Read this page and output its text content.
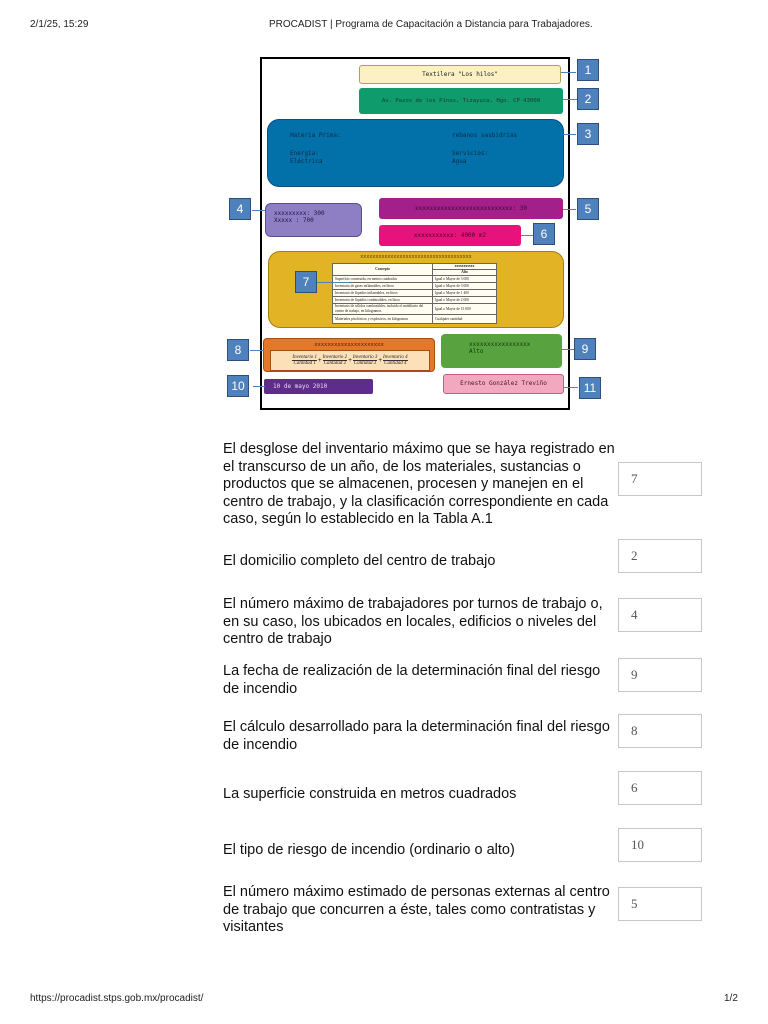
2/1/25, 15:29	PROCADIST | Programa de Capacitación a Distancia para Trabajadores.
Textilera "Los hilos"
Av. Pazos de los Pinos, Tizayuca, Hgo. CP 43000
Materia Prima:	rebanos sasbidrias
Energía:
Eléctrica
Servicios:
Agua
xxxxxxxxx: 300
Xxxxx : 700
xxxxxxxxxxxxxxxxxxxxxxxxxxx: 30
xxxxxxxxxxx: 4000 m2
xxxxxxxxxxxxxxxxxxxxxxxxxxxxxxxxxxxxx
Concepto	xxxxxxxxxxx
	Alto
Superficie construida, en metros cuadrados	Igual o Mayor de 3 000
Inventario de gases inflamables, en litros	Igual o Mayor de 3 000
Inventario de líquidos inflamables, en litros	Igual o Mayor de 1 400
Inventario de líquidos combustibles, en litros	Igual o Mayor de 2 000
Inventario de sólidos combustibles, incluido el mobiliario del centro de trabajo, en kilogramos	Igual o Mayor de 15 000
Materiales pirofóricos y explosivos, en kilogramos	Cualquier cantidad
xxxxxxxxxxxxxxxxxxxxx
$\frac{\text{Inventario 1}}{\text{Cantidad 1}} + \frac{\text{Inventario 2}}{\text{Cantidad 2}} + \frac{\text{Inventario 3}}{\text{Cantidad 3}} + \frac{\text{Inventario 4}}{\text{Cantidad 4}}$
xxxxxxxxxxxxxxxxx
Alto
10 de mayo 2010	Ernesto González Treviño
1
2
3
4	5
6
7
8	9
10	11
El desglose del inventario máximo que se haya registrado en el transcurso de un año, de los materiales, sustancias o productos que se almacenen, procesen y manejen en el centro de trabajo, y la clasificación correspondiente en cada caso, según lo establecido en la Tabla A.1
7
El domicilio completo del centro de trabajo	2
El número máximo de trabajadores por turnos de trabajo o, en su caso, los ubicados en locales, edificios o niveles del centro de trabajo
4
La fecha de realización de la determinación final del riesgo de incendio
9
El cálculo desarrollado para la determinación final del riesgo de incendio
8
La superficie construida en metros cuadrados	6
El tipo de riesgo de incendio (ordinario o alto)	10
El número máximo estimado de personas externas al centro de trabajo que concurren a éste, tales como contratistas y visitantes
5
https://procadist.stps.gob.mx/procadist/	1/2
